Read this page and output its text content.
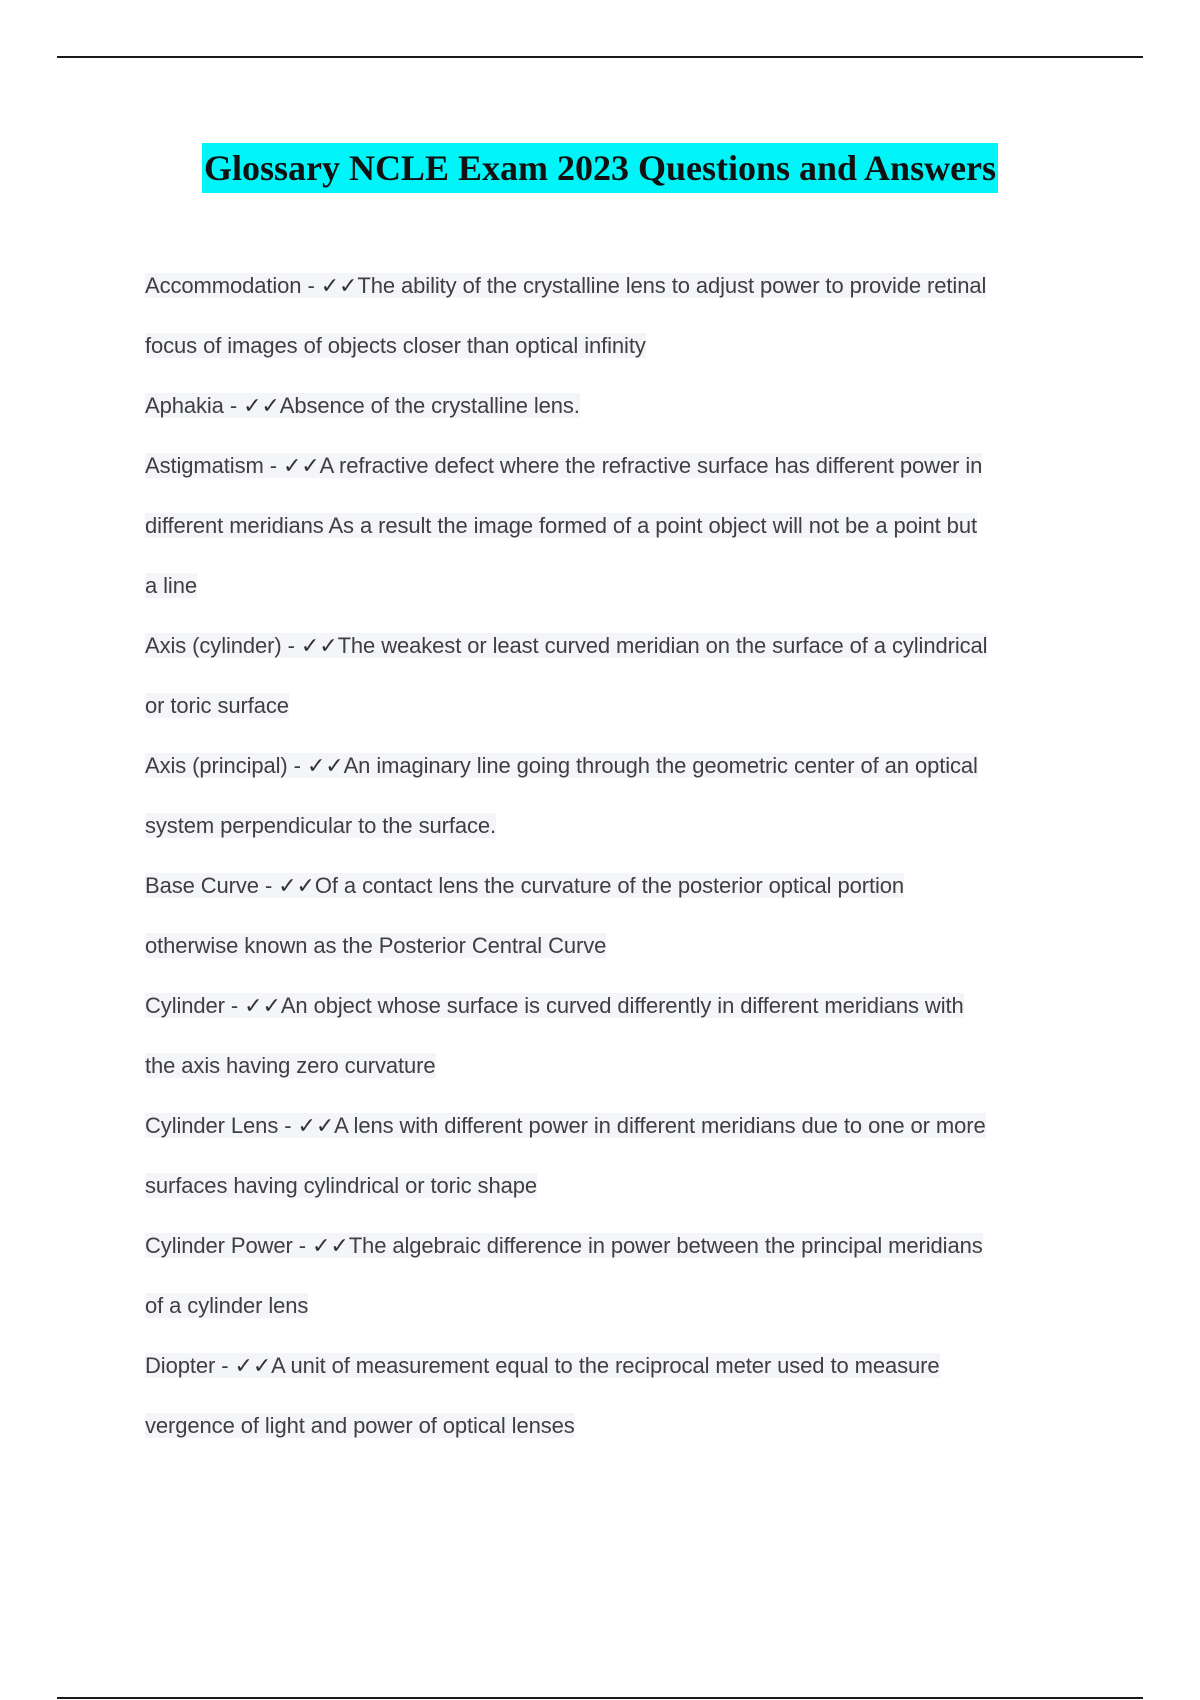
Glossary NCLE Exam 2023 Questions and Answers

Accommodation - ✓✓The ability of the crystalline lens to adjust power to provide retinal
focus of images of objects closer than optical infinity

Aphakia - ✓✓Absence of the crystalline lens.

Astigmatism - ✓✓A refractive defect where the refractive surface has different power in
different meridians As a result the image formed of a point object will not be a point but
a line

Axis (cylinder) - ✓✓The weakest or least curved meridian on the surface of a cylindrical
or toric surface

Axis (principal) - ✓✓An imaginary line going through the geometric center of an optical
system perpendicular to the surface.

Base Curve - ✓✓Of a contact lens the curvature of the posterior optical portion
otherwise known as the Posterior Central Curve

Cylinder - ✓✓An object whose surface is curved differently in different meridians with
the axis having zero curvature

Cylinder Lens - ✓✓A lens with different power in different meridians due to one or more
surfaces having cylindrical or toric shape

Cylinder Power - ✓✓The algebraic difference in power between the principal meridians
of a cylinder lens

Diopter - ✓✓A unit of measurement equal to the reciprocal meter used to measure
vergence of light and power of optical lenses
